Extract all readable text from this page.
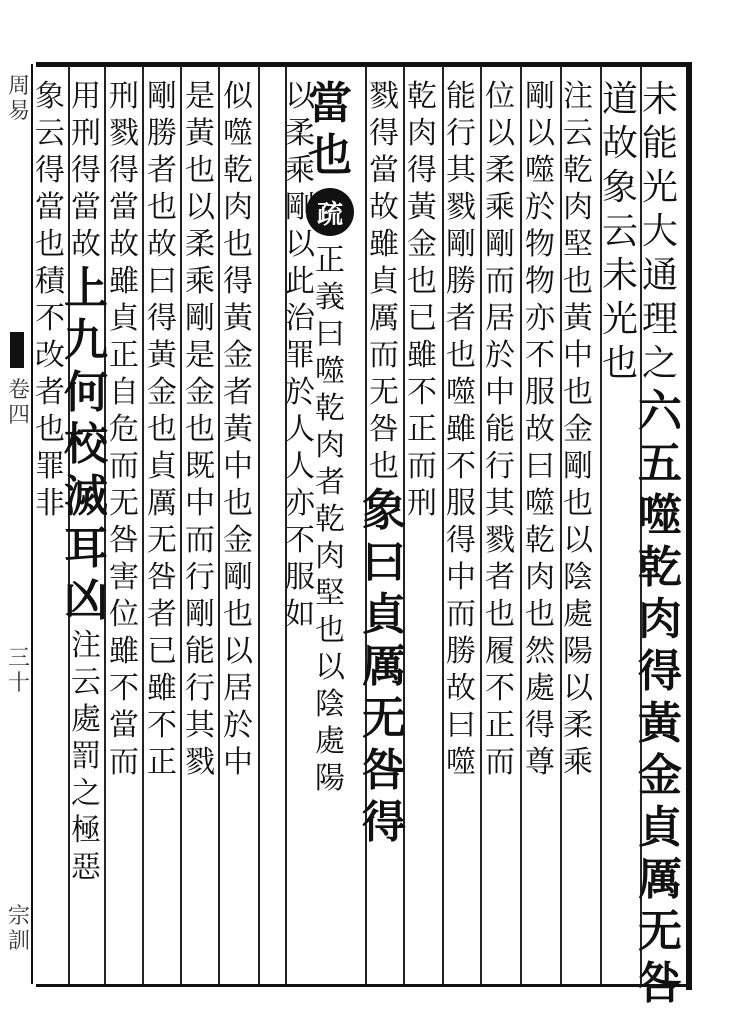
周
易
卷
四
三
十
宗
訓
未
能
光
大
通
理
之
六
五
噬
乾
肉
得
黃
金
貞
厲
无
咎
道
故
象
云
未
光
也
注
云
乾
肉
堅
也
黃
中
也
金
剛
也
以
陰
處
陽
以
柔
乘
剛
以
噬
於
物
物
亦
不
服
故
曰
噬
乾
肉
也
然
處
得
尊
位
以
柔
乘
剛
而
居
於
中
能
行
其
戮
者
也
履
不
正
而
能
行
其
戮
剛
勝
者
也
噬
雖
不
服
得
中
而
勝
故
曰
噬
乾
肉
得
黃
金
也
已
雖
不
正
而
刑
戮
得
當
故
雖
貞
厲
而
无
咎
也
象
曰
貞
厲
无
咎
得
當
也
疏
正
義
曰
噬
乾
肉
者
乾
肉
堅
也
以
陰
處
陽
以
柔
乘
剛
以
此
治
罪
於
人
人
亦
不
服
如
似
噬
乾
肉
也
得
黃
金
者
黃
中
也
金
剛
也
以
居
於
中
是
黃
也
以
柔
乘
剛
是
金
也
既
中
而
行
剛
能
行
其
戮
剛
勝
者
也
故
曰
得
黃
金
也
貞
厲
无
咎
者
已
雖
不
正
刑
戮
得
當
故
雖
貞
正
自
危
而
无
咎
害
位
雖
不
當
而
用
刑
得
當
故
上
九
何
校
滅
耳
凶
注
云
處
罰
之
極
惡
象
云
得
當
也
積
不
改
者
也
罪
非
